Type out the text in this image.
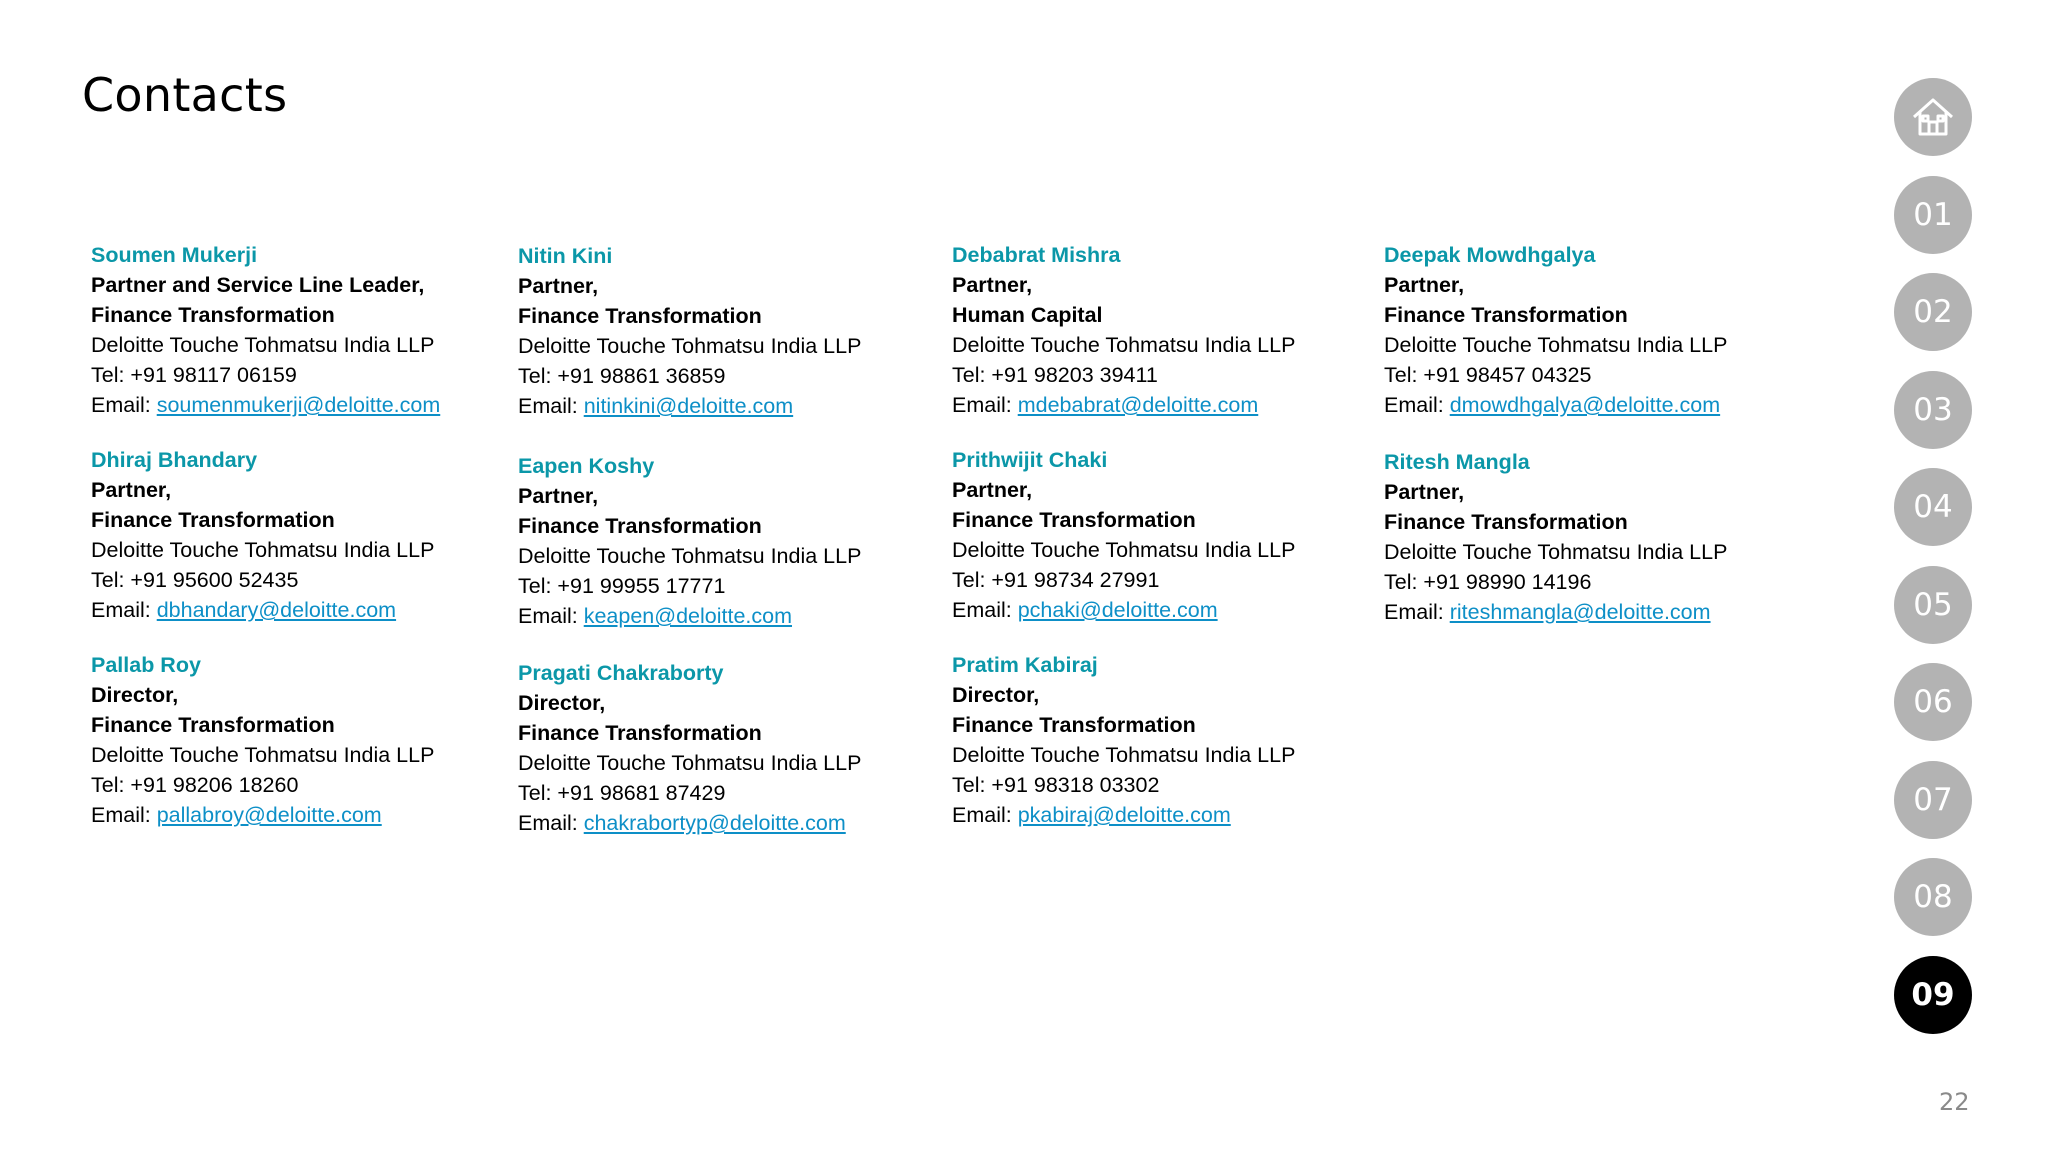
Contacts
Soumen Mukerji
Partner and Service Line Leader,
Finance Transformation
Deloitte Touche Tohmatsu India LLP
Tel: +91 98117 06159
Email: soumenmukerji@deloitte.com
Dhiraj Bhandary
Partner,
Finance Transformation
Deloitte Touche Tohmatsu India LLP
Tel: +91 95600 52435
Email: dbhandary@deloitte.com
Pallab Roy
Director,
Finance Transformation
Deloitte Touche Tohmatsu India LLP
Tel: +91 98206 18260
Email: pallabroy@deloitte.com
Nitin Kini
Partner,
Finance Transformation
Deloitte Touche Tohmatsu India LLP
Tel: +91 98861 36859
Email: nitinkini@deloitte.com
Eapen Koshy
Partner,
Finance Transformation
Deloitte Touche Tohmatsu India LLP
Tel: +91 99955 17771
Email: keapen@deloitte.com
Pragati Chakraborty
Director,
Finance Transformation
Deloitte Touche Tohmatsu India LLP
Tel: +91 98681 87429
Email: chakrabortyp@deloitte.com
Debabrat Mishra
Partner,
Human Capital
Deloitte Touche Tohmatsu India LLP
Tel: +91 98203 39411
Email: mdebabrat@deloitte.com
Prithwijit Chaki
Partner,
Finance Transformation
Deloitte Touche Tohmatsu India LLP
Tel: +91 98734 27991
Email: pchaki@deloitte.com
Pratim Kabiraj
Director,
Finance Transformation
Deloitte Touche Tohmatsu India LLP
Tel: +91 98318 03302
Email: pkabiraj@deloitte.com
Deepak Mowdhgalya
Partner,
Finance Transformation
Deloitte Touche Tohmatsu India LLP
Tel: +91 98457 04325
Email: dmowdhgalya@deloitte.com
Ritesh Mangla
Partner,
Finance Transformation
Deloitte Touche Tohmatsu India LLP
Tel: +91 98990 14196
Email: riteshmangla@deloitte.com
01
02
03
04
05
06
07
08
09
22
